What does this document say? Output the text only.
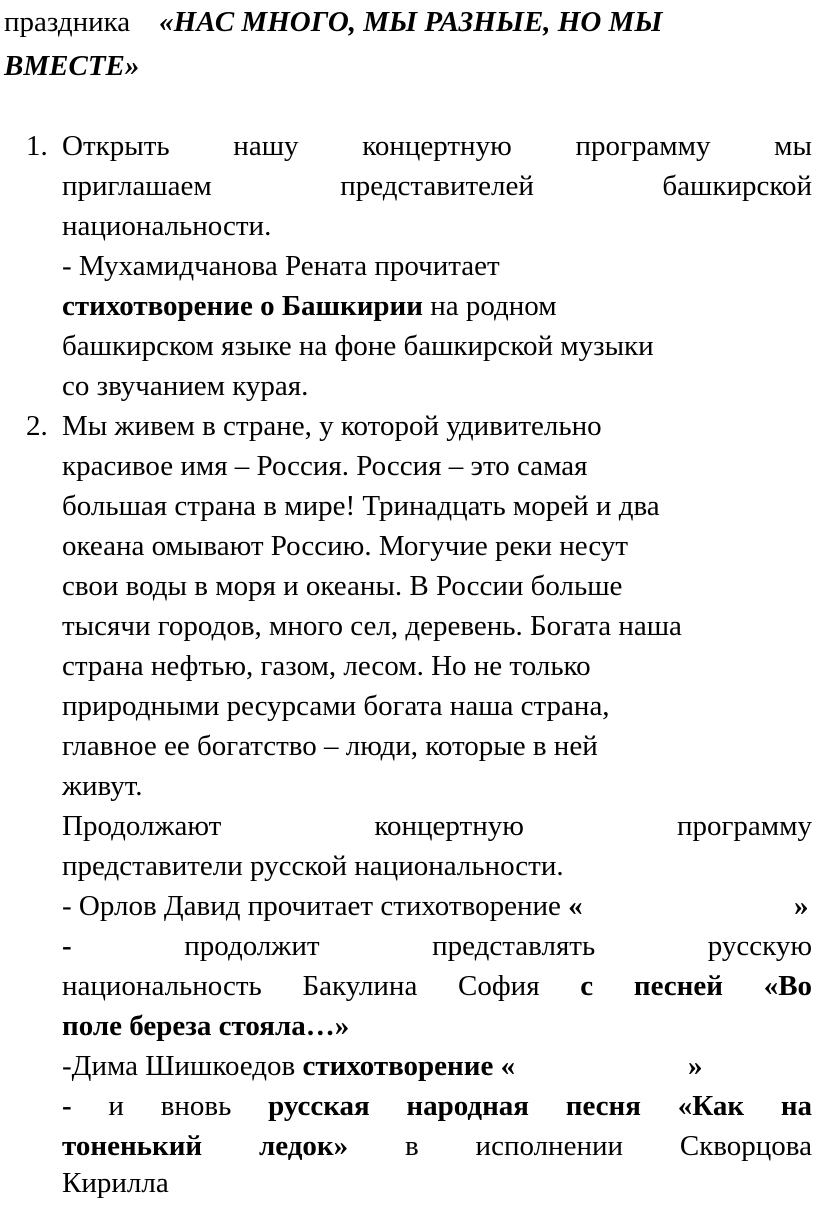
праздника «НАС МНОГО, МЫ РАЗНЫЕ, НО МЫ
ВМЕСТЕ»
1. Открыть нашу концертную программу мы
приглашаем	представителей	башкирской
национальности.
- Мухамидчанова Рената прочитает
стихотворение о Башкирии на родном
башкирском языке на фоне башкирской музыки
со звучанием курая.
2. Мы живем в стране, у которой удивительно
красивое имя – Россия. Россия – это самая
большая страна в мире! Тринадцать морей и два
океана омывают Россию. Могучие реки несут
свои воды в моря и океаны. В России больше
тысячи городов, много сел, деревень. Богата наша
страна нефтью, газом, лесом. Но не только
природными ресурсами богата наша страна,
главное ее богатство – люди, которые в ней
живут.
Продолжают	концертную	программу
представители русской национальности.
- Орлов Давид прочитает стихотворение «	»
-	продолжит	представлять	русскую
национальность Бакулина София с песней «Во
поле береза стояла…»
-Дима Шишкоедов стихотворение «	»
- и вновь русская народная песня «Как на
тоненький ледок» в исполнении Скворцова
Кирилла
